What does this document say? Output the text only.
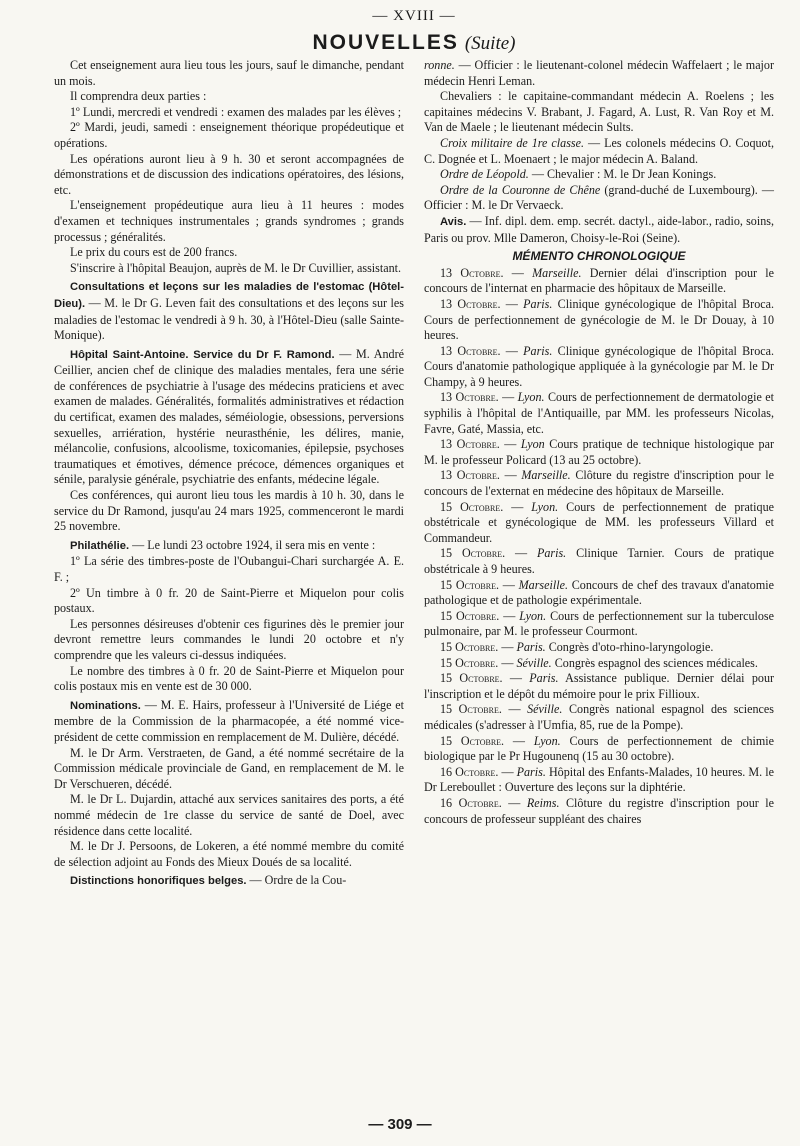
— XVIII —
NOUVELLES (Suite)

Cet enseignement aura lieu tous les jours, sauf le dimanche, pendant un mois.

Il comprendra deux parties :

1º Lundi, mercredi et vendredi : examen des malades par les élèves ;

2º Mardi, jeudi, samedi : enseignement théorique propédeutique et opérations.

Les opérations auront lieu à 9 h. 30 et seront accompagnées de démonstrations et de discussion des indications opératoires, des lésions, etc.

L'enseignement propédeutique aura lieu à 11 heures : modes d'examen et techniques instrumentales ; grands syndromes ; grands processus ; généralités.

Le prix du cours est de 200 francs.

S'inscrire à l'hôpital Beaujon, auprès de M. le Dr Cuvillier, assistant.

Consultations et leçons sur les maladies de l'estomac (Hôtel-Dieu). — M. le Dr G. Leven fait des consultations et des leçons sur les maladies de l'estomac le vendredi à 9 h. 30, à l'Hôtel-Dieu (salle Sainte-Monique).

Hôpital Saint-Antoine. Service du Dr F. Ramond. — M. André Ceillier, ancien chef de clinique des maladies mentales, fera une série de conférences de psychiatrie à l'usage des médecins praticiens et avec examen de malades. Généralités, formalités administratives et rédaction du certificat, examen des malades, séméiologie, obsessions, perversions sexuelles, arriération, hystérie neurasthénie, les délires, manie, mélancolie, confusions, alcoolisme, toxicomanies, épilepsie, psychoses traumatiques et émotives, démence précoce, démences organiques et sénile, paralysie générale, psychiatrie des enfants, médecine légale.

Ces conférences, qui auront lieu tous les mardis à 10 h. 30, dans le service du Dr Ramond, jusqu'au 24 mars 1925, commenceront le mardi 25 novembre.

Philathélie. — Le lundi 23 octobre 1924, il sera mis en vente :

1º La série des timbres-poste de l'Oubangui-Chari surchargée A. E. F. ;

2º Un timbre à 0 fr. 20 de Saint-Pierre et Miquelon pour colis postaux.

Les personnes désireuses d'obtenir ces figurines dès le premier jour devront remettre leurs commandes le lundi 20 octobre et n'y comprendre que les valeurs ci-dessus indiquées.

Le nombre des timbres à 0 fr. 20 de Saint-Pierre et Miquelon pour colis postaux mis en vente est de 30 000.

Nominations. — M. E. Hairs, professeur à l'Université de Liége et membre de la Commission de la pharmacopée, a été nommé vice-président de cette commission en remplacement de M. Dulière, décédé.

M. le Dr Arm. Verstraeten, de Gand, a été nommé secrétaire de la Commission médicale provinciale de Gand, en remplacement de M. le Dr Verschueren, décédé.

M. le Dr L. Dujardin, attaché aux services sanitaires des ports, a été nommé médecin de 1re classe du service de santé de Doel, avec résidence dans cette localité.

M. le Dr J. Persoons, de Lokeren, a été nommé membre du comité de sélection adjoint au Fonds des Mieux Doués de sa localité.

Distinctions honorifiques belges. — Ordre de la Cou-

ronne. — Officier : le lieutenant-colonel médecin Waffelaert ; le major médecin Henri Leman.

Chevaliers : le capitaine-commandant médecin A. Roelens ; les capitaines médecins V. Brabant, J. Fagard, A. Lust, R. Van Roy et M. Van de Maele ; le lieutenant médecin Sults.

Croix militaire de 1re classe. — Les colonels médecins O. Coquot, C. Dognée et L. Moenaert ; le major médecin A. Baland.

Ordre de Léopold. — Chevalier : M. le Dr Jean Konings.

Ordre de la Couronne de Chêne (grand-duché de Luxembourg). — Officier : M. le Dr Vervaeck.

Avis. — Inf. dipl. dem. emp. secrét. dactyl., aide-labor., radio, soins, Paris ou prov. Mlle Dameron, Choisy-le-Roi (Seine).

MÉMENTO CHRONOLOGIQUE

13 Octobre. — Marseille. Dernier délai d'inscription pour le concours de l'internat en pharmacie des hôpitaux de Marseille.

13 Octobre. — Paris. Clinique gynécologique de l'hôpital Broca. Cours de perfectionnement de gynécologie de M. le Dr Douay, à 10 heures.

13 Octobre. — Paris. Clinique gynécologique de l'hôpital Broca. Cours d'anatomie pathologique appliquée à la gynécologie par M. le Dr Champy, à 9 heures.

13 Octobre. — Lyon. Cours de perfectionnement de dermatologie et syphilis à l'hôpital de l'Antiquaille, par MM. les professeurs Nicolas, Favre, Gaté, Massia, etc.

13 Octobre. — Lyon Cours pratique de technique histologique par M. le professeur Policard (13 au 25 octobre).

13 Octobre. — Marseille. Clôture du registre d'inscription pour le concours de l'externat en médecine des hôpitaux de Marseille.

15 Octobre. — Lyon. Cours de perfectionnement de pratique obstétricale et gynécologique de MM. les professeurs Villard et Commandeur.

15 Octobre. — Paris. Clinique Tarnier. Cours de pratique obstétricale à 9 heures.

15 Octobre. — Marseille. Concours de chef des travaux d'anatomie pathologique et de pathologie expérimentale.

15 Octobre. — Lyon. Cours de perfectionnement sur la tuberculose pulmonaire, par M. le professeur Courmont.

15 Octobre. — Paris. Congrès d'oto-rhino-laryngologie.

15 Octobre. — Séville. Congrès espagnol des sciences médicales.

15 Octobre. — Paris. Assistance publique. Dernier délai pour l'inscription et le dépôt du mémoire pour le prix Fillioux.

15 Octobre. — Séville. Congrès national espagnol des sciences médicales (s'adresser à l'Umfia, 85, rue de la Pompe).

15 Octobre. — Lyon. Cours de perfectionnement de chimie biologique par le Pr Hugounenq (15 au 30 octobre).

16 Octobre. — Paris. Hôpital des Enfants-Malades, 10 heures. M. le Dr Lereboullet : Ouverture des leçons sur la diphtérie.

16 Octobre. — Reims. Clôture du registre d'inscription pour le concours de professeur suppléant des chaires

— 309 —
